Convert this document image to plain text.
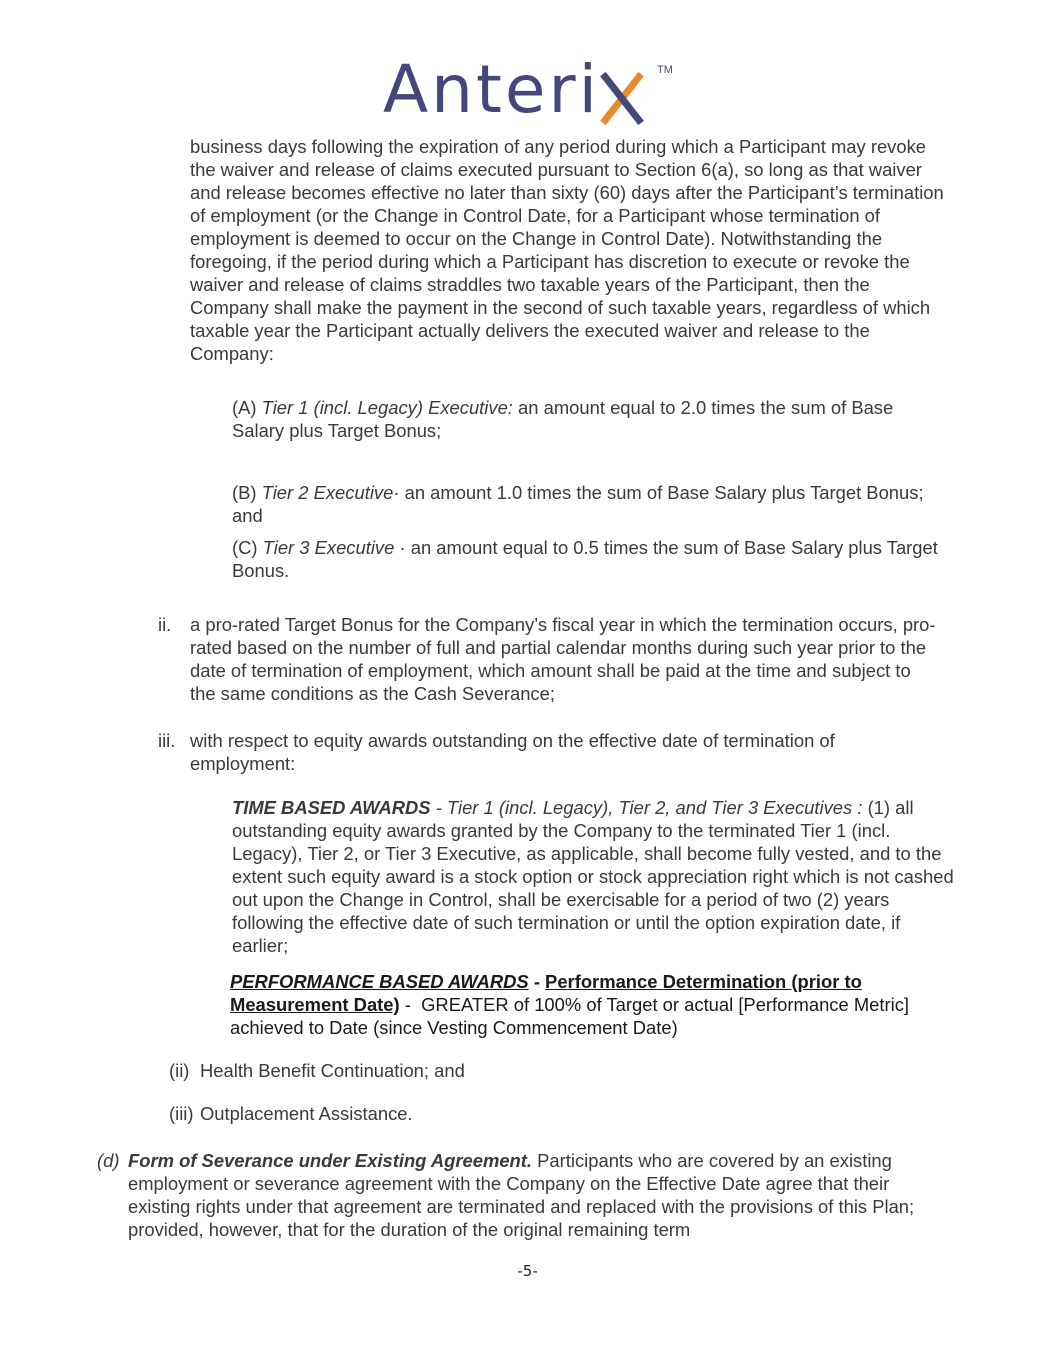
Anteri	TM

business days following the expiration of any period during which a Participant may revoke the waiver and release of claims executed pursuant to Section 6(a), so long as that waiver and release becomes effective no later than sixty (60) days after the Participant’s termination of employment (or the Change in Control Date, for a Participant whose termination of employment is deemed to occur on the Change in Control Date). Notwithstanding the foregoing, if the period during which a Participant has discretion to execute or revoke the waiver and release of claims straddles two taxable years of the Participant, then the Company shall make the payment in the second of such taxable years, regardless of which taxable year the Participant actually delivers the executed waiver and release to the Company:

(A) Tier 1 (incl. Legacy) Executive: an amount equal to 2.0 times the sum of Base Salary plus Target Bonus;

(B) Tier 2 Executive· an amount 1.0 times the sum of Base Salary plus Target Bonus; and

(C) Tier 3 Executive · an amount equal to 0.5 times the sum of Base Salary plus Target Bonus.

ii. a pro-rated Target Bonus for the Company’s fiscal year in which the termination occurs, pro-rated based on the number of full and partial calendar months during such year prior to the date of termination of employment, which amount shall be paid at the time and subject to the same conditions as the Cash Severance;

iii. with respect to equity awards outstanding on the effective date of termination of employment:

TIME BASED AWARDS - Tier 1 (incl. Legacy), Tier 2, and Tier 3 Executives : (1) all outstanding equity awards granted by the Company to the terminated Tier 1 (incl. Legacy), Tier 2, or Tier 3 Executive, as applicable, shall become fully vested, and to the extent such equity award is a stock option or stock appreciation right which is not cashed out upon the Change in Control, shall be exercisable for a period of two (2) years following the effective date of such termination or until the option expiration date, if earlier;

PERFORMANCE BASED AWARDS - Performance Determination (prior to
Measurement Date) -  GREATER of 100% of Target or actual [Performance Metric]
achieved to Date (since Vesting Commencement Date)

(ii) Health Benefit Continuation; and

(iii) Outplacement Assistance.

(d) Form of Severance under Existing Agreement. Participants who are covered by an existing employment or severance agreement with the Company on the Effective Date agree that their existing rights under that agreement are terminated and replaced with the provisions of this Plan; provided, however, that for the duration of the original remaining term

-5-
